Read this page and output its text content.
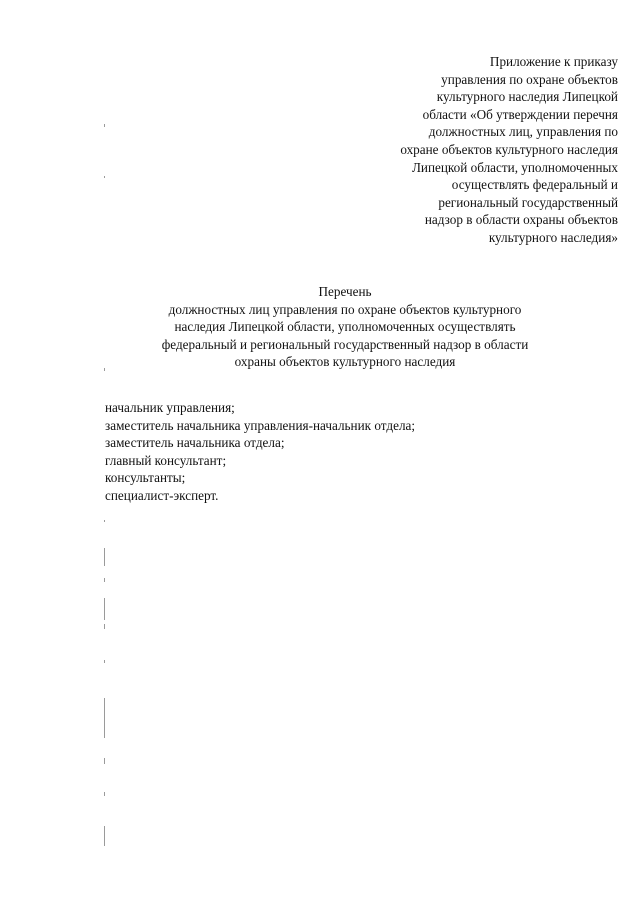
Приложение к приказу
управления по охране объектов
культурного наследия Липецкой
области «Об утверждении перечня
должностных лиц, управления по
охране объектов культурного наследия
Липецкой области, уполномоченных
осуществлять федеральный и
региональный государственный
надзор в области охраны объектов
культурного наследия»
Перечень
должностных лиц управления по охране объектов культурного
наследия Липецкой области, уполномоченных осуществлять
федеральный и региональный государственный надзор в области
охраны объектов культурного наследия
начальник управления;
заместитель начальника управления-начальник отдела;
заместитель начальника отдела;
главный консультант;
консультанты;
специалист-эксперт.
